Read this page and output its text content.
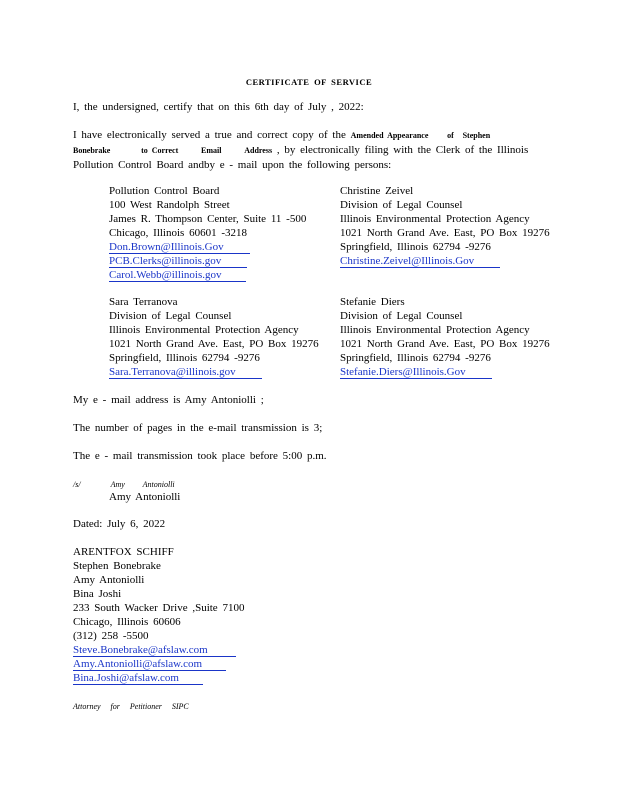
CERTIFICATE OF SERVICE
I, the undersigned, certify that on this 6th day of July , 2022:
I have electronically served a true and correct copy of the Amended Appearance of Stephen
Bonebrake	to Correct	Email	Address , by electronically filing with the Clerk of the Illinois
Pollution Control Board andby e - mail upon the following persons:
Pollution Control Board
100 West Randolph Street
James R. Thompson Center, Suite 11 -500
Chicago, Illinois 60601 -3218
Don.Brown@Illinois.Gov
PCB.Clerks@illinois.gov
Carol.Webb@illinois.gov
Christine Zeivel
Division of Legal Counsel
Illinois Environmental Protection Agency
1021 North Grand Ave. East, PO Box 19276
Springfield, Illinois 62794 -9276
Christine.Zeivel@Illinois.Gov
Sara Terranova
Division of Legal Counsel
Illinois Environmental Protection Agency
1021 North Grand Ave. East, PO Box 19276
Springfield, Illinois 62794 -9276
Sara.Terranova@illinois.gov
Stefanie Diers
Division of Legal Counsel
Illinois Environmental Protection Agency
1021 North Grand Ave. East, PO Box 19276
Springfield, Illinois 62794 -9276
Stefanie.Diers@Illinois.Gov
My e - mail address is Amy Antoniolli ;
The number of pages in the e-mail transmission is 3;
The e - mail transmission took place before 5:00 p.m.
/s/	Amy Antoniolli
Amy Antoniolli
Dated: July 6, 2022
ARENTFOX SCHIFF
Stephen Bonebrake
Amy Antoniolli
Bina Joshi
233 South Wacker Drive ,Suite 7100
Chicago, Illinois 60606
(312) 258 -5500
Steve.Bonebrake@afslaw.com
Amy.Antoniolli@afslaw.com
Bina.Joshi@afslaw.com
Attorney for Petitioner SIPC
